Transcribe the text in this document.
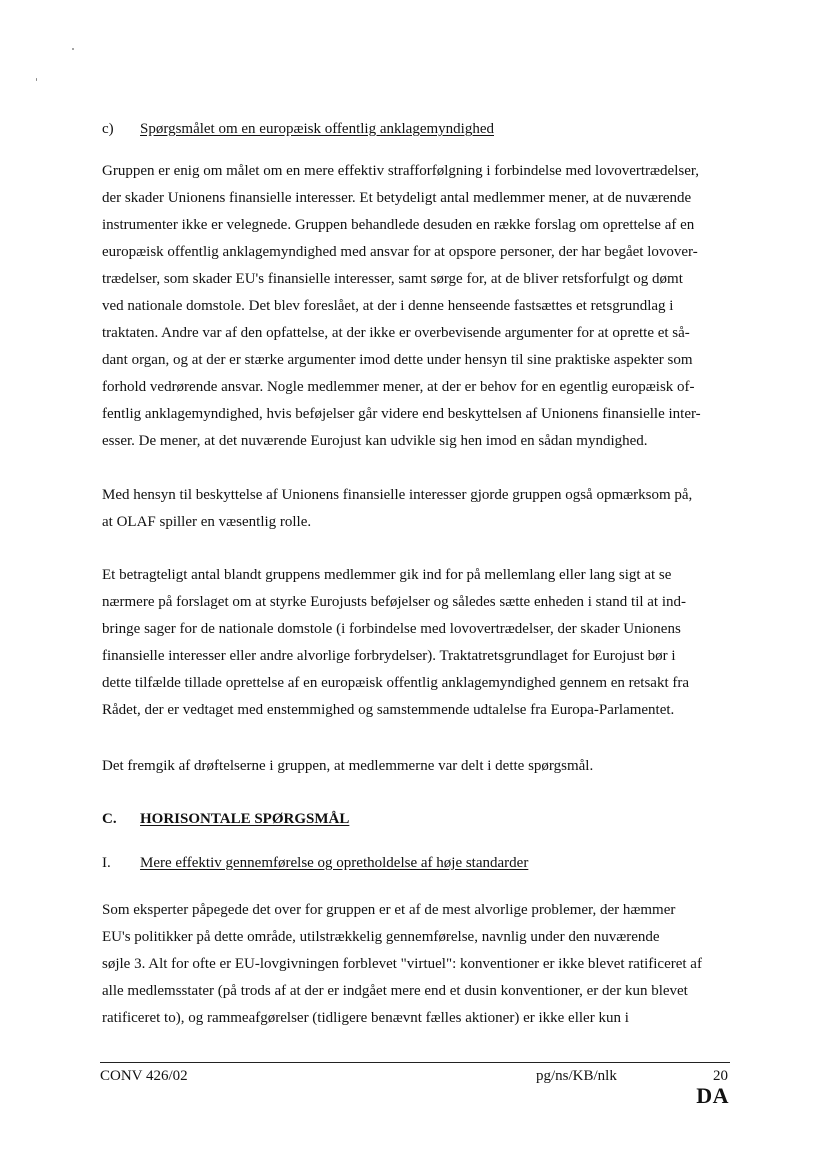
c) Spørgsmålet om en europæisk offentlig anklagemyndighed
Gruppen er enig om målet om en mere effektiv strafforfølgning i forbindelse med lovovertrædelser,
der skader Unionens finansielle interesser. Et betydeligt antal medlemmer mener, at de nuværende
instrumenter ikke er velegnede. Gruppen behandlede desuden en række forslag om oprettelse af en
europæisk offentlig anklagemyndighed med ansvar for at opspore personer, der har begået lovover-
trædelser, som skader EU's finansielle interesser, samt sørge for, at de bliver retsforfulgt og dømt
ved nationale domstole. Det blev foreslået, at der i denne henseende fastsættes et retsgrundlag i
traktaten. Andre var af den opfattelse, at der ikke er overbevisende argumenter for at oprette et så-
dant organ, og at der er stærke argumenter imod dette under hensyn til sine praktiske aspekter som
forhold vedrørende ansvar. Nogle medlemmer mener, at der er behov for en egentlig europæisk of-
fentlig anklagemyndighed, hvis beføjelser går videre end beskyttelsen af Unionens finansielle inter-
esser. De mener, at det nuværende Eurojust kan udvikle sig hen imod en sådan myndighed.
Med hensyn til beskyttelse af Unionens finansielle interesser gjorde gruppen også opmærksom på,
at OLAF spiller en væsentlig rolle.
Et betragteligt antal blandt gruppens medlemmer gik ind for på mellemlang eller lang sigt at se
nærmere på forslaget om at styrke Eurojusts beføjelser og således sætte enheden i stand til at ind-
bringe sager for de nationale domstole (i forbindelse med lovovertrædelser, der skader Unionens
finansielle interesser eller andre alvorlige forbrydelser). Traktatretsgrundlaget for Eurojust bør i
dette tilfælde tillade oprettelse af en europæisk offentlig anklagemyndighed gennem en retsakt fra
Rådet, der er vedtaget med enstemmighed og samstemmende udtalelse fra Europa-Parlamentet.
Det fremgik af drøftelserne i gruppen, at medlemmerne var delt i dette spørgsmål.
C. HORISONTALE SPØRGSMÅL
I. Mere effektiv gennemførelse og opretholdelse af høje standarder
Som eksperter påpegede det over for gruppen er et af de mest alvorlige problemer, der hæmmer
EU's politikker på dette område, utilstrækkelig gennemførelse, navnlig under den nuværende
søjle 3. Alt for ofte er EU-lovgivningen forblevet "virtuel": konventioner er ikke blevet ratificeret af
alle medlemsstater (på trods af at der er indgået mere end et dusin konventioner, er der kun blevet
ratificeret to), og rammeafgørelser (tidligere benævnt fælles aktioner) er ikke eller kun i
CONV 426/02	pg/ns/KB/nlk	20
DA
